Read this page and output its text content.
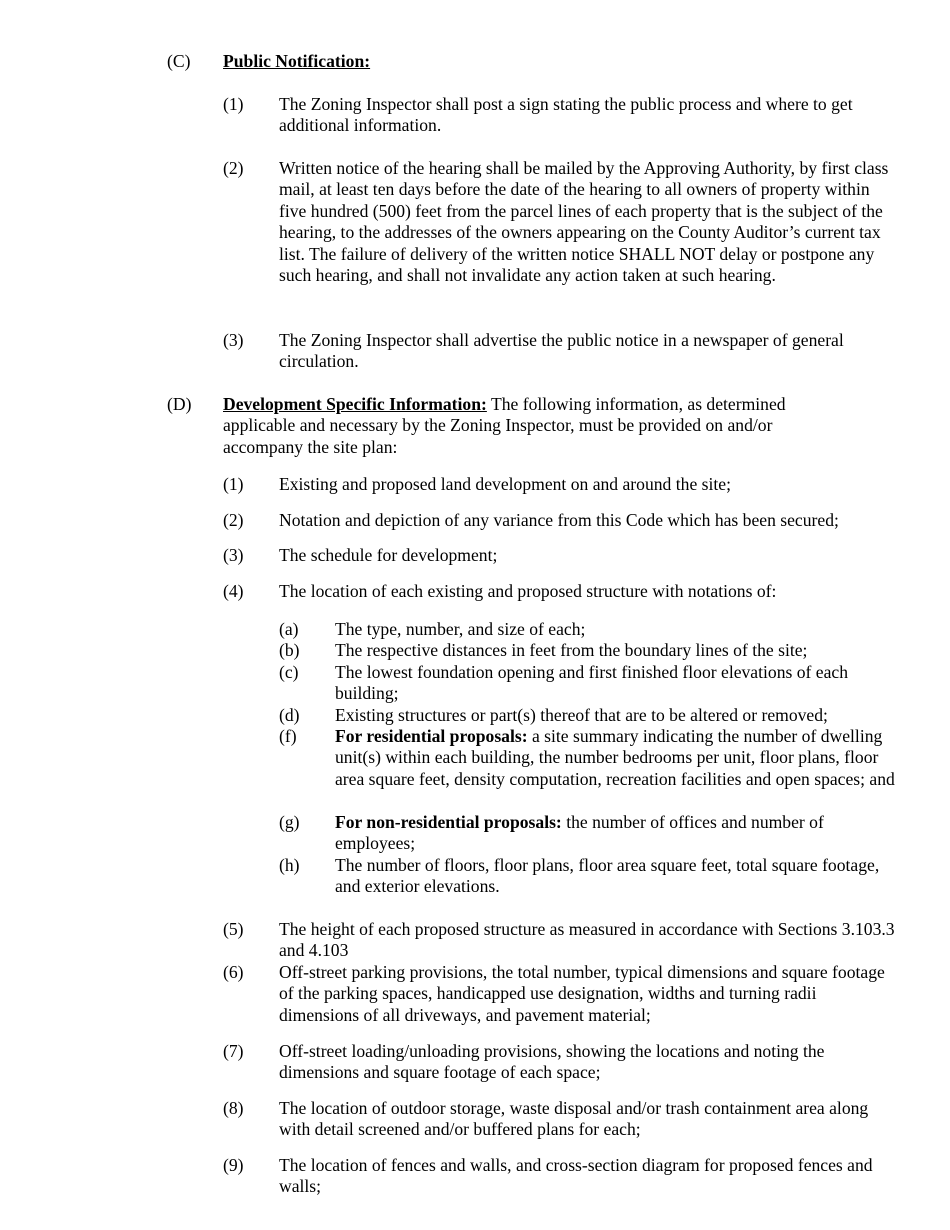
(C) Public Notification:
(1) The Zoning Inspector shall post a sign stating the public process and where to get additional information.

(2) Written notice of the hearing shall be mailed by the Approving Authority, by first class mail, at least ten days before the date of the hearing to all owners of property within five hundred (500) feet from the parcel lines of each property that is the subject of the hearing, to the addresses of the owners appearing on the County Auditor’s current tax list. The failure of delivery of the written notice SHALL NOT delay or postpone any such hearing, and shall not invalidate any action taken at such hearing.

(3) The Zoning Inspector shall advertise the public notice in a newspaper of general circulation.

(D) Development Specific Information: The following information, as determined applicable and necessary by the Zoning Inspector, must be provided on and/or accompany the site plan:

(1) Existing and proposed land development on and around the site;

(2) Notation and depiction of any variance from this Code which has been secured;

(3) The schedule for development;

(4) The location of each existing and proposed structure with notations of:

(a) The type, number, and size of each;

(b) The respective distances in feet from the boundary lines of the site;

(c) The lowest foundation opening and first finished floor elevations of each building;

(d) Existing structures or part(s) thereof that are to be altered or removed;

(f) For residential proposals: a site summary indicating the number of dwelling unit(s) within each building, the number bedrooms per unit, floor plans, floor area square feet, density computation, recreation facilities and open spaces; and

(g) For non-residential proposals: the number of offices and number of employees;

(h) The number of floors, floor plans, floor area square feet, total square footage, and exterior elevations.

(5) The height of each proposed structure as measured in accordance with Sections 3.103.3 and 4.103

(6) Off-street parking provisions, the total number, typical dimensions and square footage of the parking spaces, handicapped use designation, widths and turning radii dimensions of all driveways, and pavement material;

(7) Off-street loading/unloading provisions, showing the locations and noting the dimensions and square footage of each space;

(8) The location of outdoor storage, waste disposal and/or trash containment area along with detail screened and/or buffered plans for each;

(9) The location of fences and walls, and cross-section diagram for proposed fences and walls;
